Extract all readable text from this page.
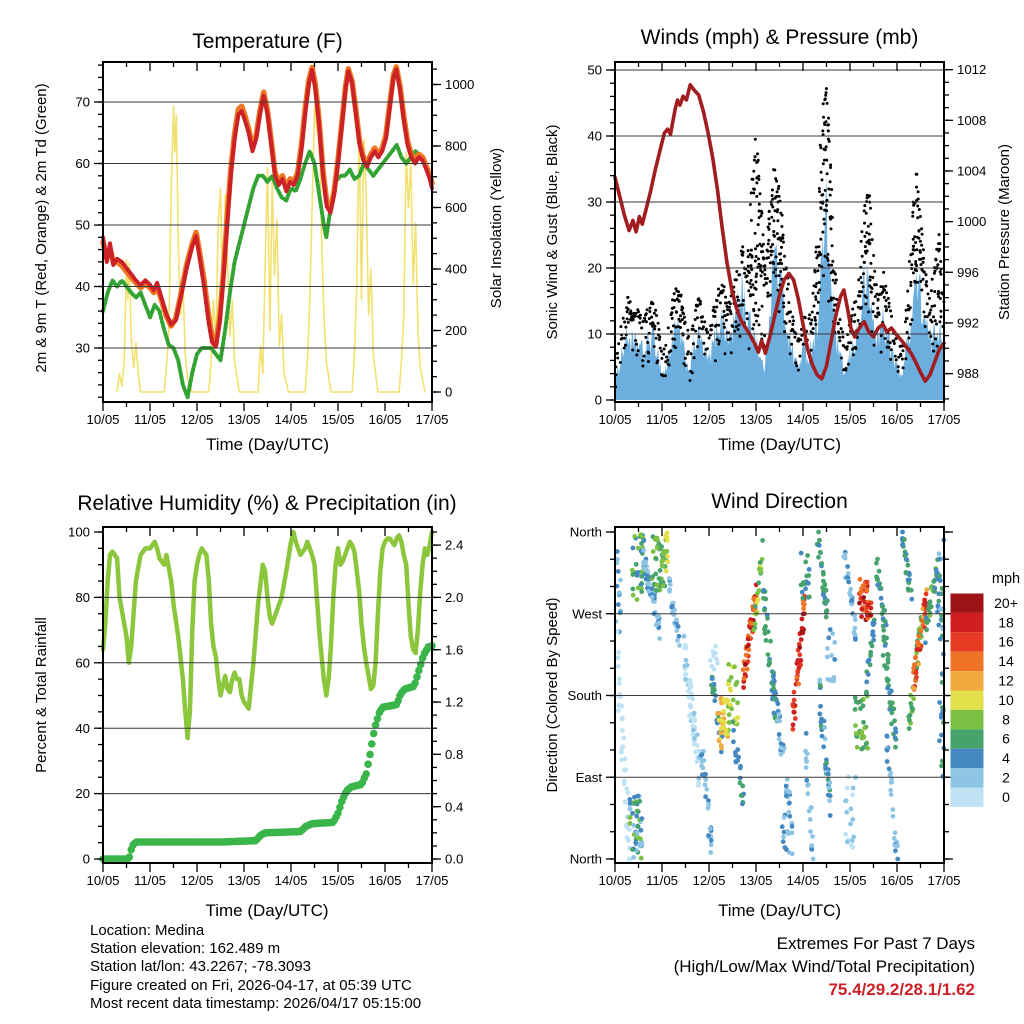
10/05 11/05 12/05 13/05 14/05 15/05 16/05 17/05
30
40
50
60
70
0
200
400
600
800
1000
10/05 11/05 12/05 13/05 14/05 15/05 16/05 17/05
0
10
20
30
40
50
988
992
996
1000
1004
1008
1012
10/05 11/05 12/05 13/05 14/05 15/05 16/05 17/05
0
20
40
60
80
100
0.0
0.4
0.8
1.2
1.6
2.0
2.4
10/05 11/05 12/05 13/05 14/05 15/05 16/05 17/05
North
West
South
East
North
20+
18
16
14
12
10
8
6
4
2
0
Temperature (F)	Winds (mph) & Pressure (mb)
Relative Humidity (%) & Precipitation (in)	Wind Direction
2m & 9m T (Red, Orange) & 2m Td (Green)	Solar Insolation (Yellow)	Sonic Wind & Gust (Blue, Black)	Station Pressure (Maroon)
Percent & Total Rainfall	Direction (Colored By Speed)
Time (Day/UTC)	Time (Day/UTC)
Time (Day/UTC)	Time (Day/UTC)
mph
Location: Medina
Station elevation: 162.489 m
Station lat/lon: 43.2267; -78.3093
Figure created on Fri, 2026-04-17, at 05:39 UTC
Most recent data timestamp: 2026/04/17 05:15:00
Extremes For Past 7 Days
(High/Low/Max Wind/Total Precipitation)
75.4/29.2/28.1/1.62
